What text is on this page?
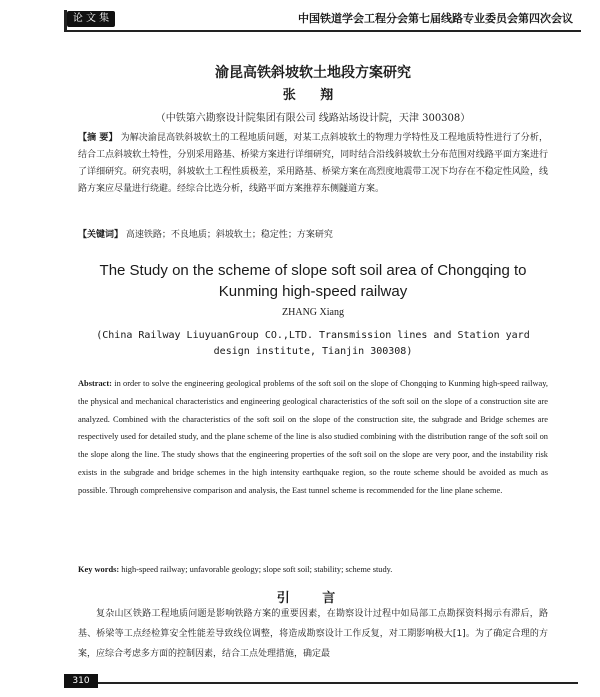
论 文 集	中国铁道学会工程分会第七届线路专业委员会第四次会议
渝昆高铁斜坡软土地段方案研究
张 翔
（中铁第六勘察设计院集团有限公司 线路站场设计院，天津 300308）
【摘 要】 为解决渝昆高铁斜坡软土的工程地质问题，对某工点斜坡软土的物理力学特性及工程地质特性进行了分析，结合工点斜坡软土特性，分别采用路基、桥梁方案进行详细研究，同时结合沿线斜坡软土分布范围对线路平面方案进行了详细研究。研究表明，斜坡软土工程性质极差，采用路基、桥梁方案在高烈度地震带工况下均存在不稳定性风险，线路方案应尽量进行绕避。经综合比选分析，线路平面方案推荐东侧隧道方案。
【关键词】 高速铁路；不良地质；斜坡软土；稳定性；方案研究
The Study on the scheme of slope soft soil area of Chongqing to Kunming high-speed railway
ZHANG Xiang
(China Railway LiuyuanGroup CO.,LTD. Transmission lines and Station yard design institute, Tianjin 300308)
Abstract: in order to solve the engineering geological problems of the soft soil on the slope of Chongqing to Kunming high-speed railway, the physical and mechanical characteristics and engineering geological characteristics of the soft soil on the slope of a construction site are analyzed. Combined with the characteristics of the soft soil on the slope of the construction site, the subgrade and Bridge schemes are respectively used for detailed study, and the plane scheme of the line is also studied combining with the distribution range of the soft soil on the slope along the line. The study shows that the engineering properties of the soft soil on the slope are very poor, and the instability risk exists in the subgrade and bridge schemes in the high intensity earthquake region, so the route scheme should be avoided as much as possible. Through comprehensive comparison and analysis, the East tunnel scheme is recommended for the line plane scheme.
Key words: high-speed railway; unfavorable geology; slope soft soil; stability; scheme study.
引 言
复杂山区铁路工程地质问题是影响铁路方案的重要因素，在勘察设计过程中如局部工点勘探资料揭示有滞后，路基、桥梁等工点经检算安全性能差导致线位调整，将造成勘察设计工作反复，对工期影响极大[1]。为了确定合理的方案，应综合考虑多方面的控制因素，结合工点处理措施，确定最
310
